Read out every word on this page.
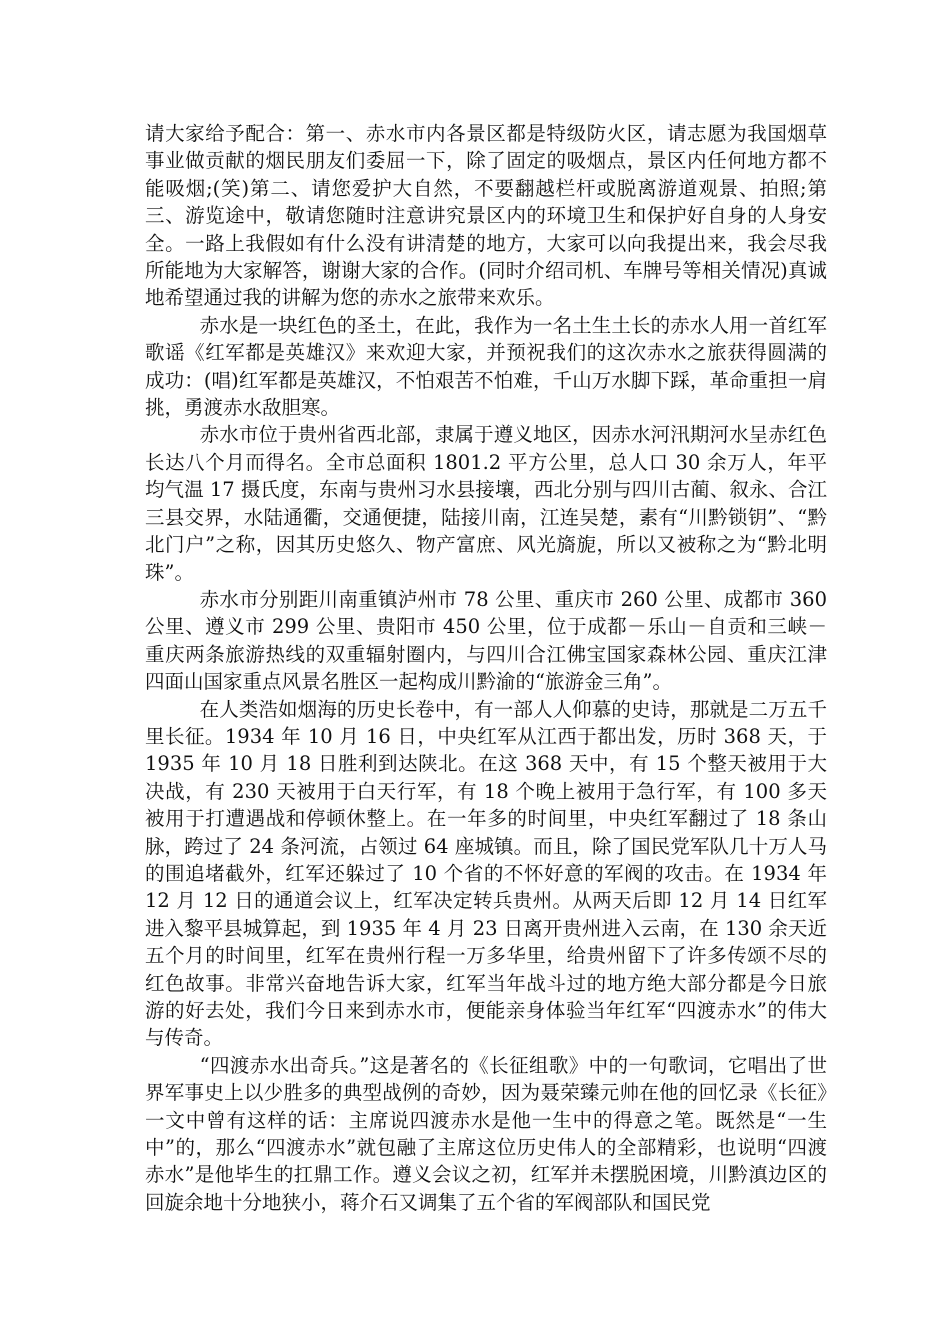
请大家给予配合：第一、赤水市内各景区都是特级防火区，请志愿为我国烟草事业做贡献的烟民朋友们委屈一下，除了固定的吸烟点，景区内任何地方都不能吸烟;(笑)第二、请您爱护大自然，不要翻越栏杆或脱离游道观景、拍照;第三、游览途中，敬请您随时注意讲究景区内的环境卫生和保护好自身的人身安全。一路上我假如有什么没有讲清楚的地方，大家可以向我提出来，我会尽我所能地为大家解答，谢谢大家的合作。(同时介绍司机、车牌号等相关情况)真诚地希望通过我的讲解为您的赤水之旅带来欢乐。

赤水是一块红色的圣土，在此，我作为一名土生土长的赤水人用一首红军歌谣《红军都是英雄汉》来欢迎大家，并预祝我们的这次赤水之旅获得圆满的成功：(唱)红军都是英雄汉，不怕艰苦不怕难，千山万水脚下踩，革命重担一肩挑，勇渡赤水敌胆寒。

赤水市位于贵州省西北部，隶属于遵义地区，因赤水河汛期河水呈赤红色长达八个月而得名。全市总面积 1801.2 平方公里，总人口 30 余万人，年平均气温 17 摄氏度，东南与贵州习水县接壤，西北分别与四川古蔺、叙永、合江三县交界，水陆通衢，交通便捷，陆接川南，江连吴楚，素有“川黔锁钥”、“黔北门户”之称，因其历史悠久、物产富庶、风光旖旎，所以又被称之为“黔北明珠”。

赤水市分别距川南重镇泸州市 78 公里、重庆市 260 公里、成都市 360 公里、遵义市 299 公里、贵阳市 450 公里，位于成都－乐山－自贡和三峡－重庆两条旅游热线的双重辐射圈内，与四川合江佛宝国家森林公园、重庆江津四面山国家重点风景名胜区一起构成川黔渝的“旅游金三角”。

在人类浩如烟海的历史长卷中，有一部人人仰慕的史诗，那就是二万五千里长征。1934 年 10 月 16 日，中央红军从江西于都出发，历时 368 天，于 1935 年 10 月 18 日胜利到达陕北。在这 368 天中，有 15 个整天被用于大决战，有 230 天被用于白天行军，有 18 个晚上被用于急行军，有 100 多天被用于打遭遇战和停顿休整上。在一年多的时间里，中央红军翻过了 18 条山脉，跨过了 24 条河流，占领过 64 座城镇。而且，除了国民党军队几十万人马的围追堵截外，红军还躲过了 10 个省的不怀好意的军阀的攻击。在 1934 年 12 月 12 日的通道会议上，红军决定转兵贵州。从两天后即 12 月 14 日红军进入黎平县城算起，到 1935 年 4 月 23 日离开贵州进入云南，在 130 余天近五个月的时间里，红军在贵州行程一万多华里，给贵州留下了许多传颂不尽的红色故事。非常兴奋地告诉大家，红军当年战斗过的地方绝大部分都是今日旅游的好去处，我们今日来到赤水市，便能亲身体验当年红军“四渡赤水”的伟大与传奇。

“四渡赤水出奇兵。”这是著名的《长征组歌》中的一句歌词，它唱出了世界军事史上以少胜多的典型战例的奇妙，因为聂荣臻元帅在他的回忆录《长征》一文中曾有这样的话：主席说四渡赤水是他一生中的得意之笔。既然是“一生中”的，那么“四渡赤水”就包融了主席这位历史伟人的全部精彩，也说明“四渡赤水”是他毕生的扛鼎工作。遵义会议之初，红军并未摆脱困境，川黔滇边区的回旋余地十分地狭小，蒋介石又调集了五个省的军阀部队和国民党
